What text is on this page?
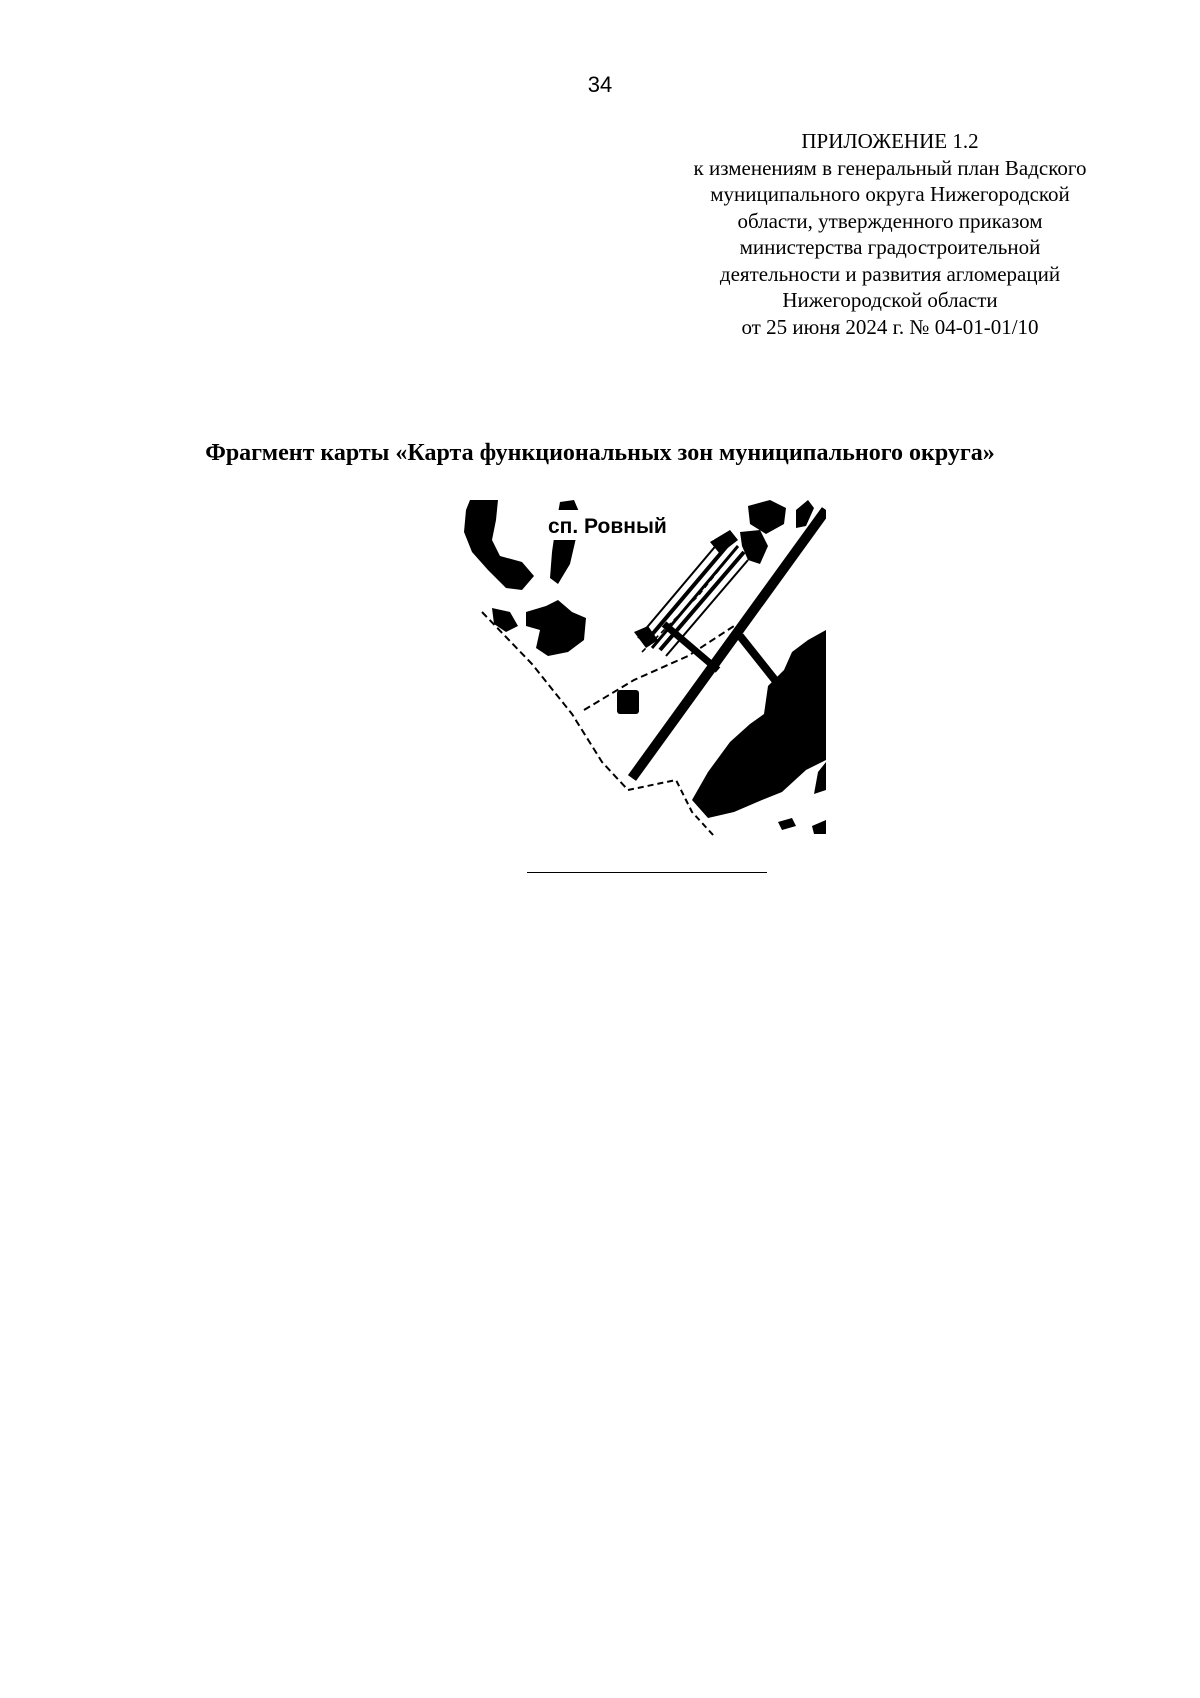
34
ПРИЛОЖЕНИЕ 1.2
к изменениям в генеральный план Вадского
муниципального округа Нижегородской
области, утвержденного приказом
министерства градостроительной
деятельности и развития агломераций
Нижегородской области
от 25 июня 2024 г. № 04-01-01/10
Фрагмент карты «Карта функциональных зон муниципального округа»
сп. Ровный
